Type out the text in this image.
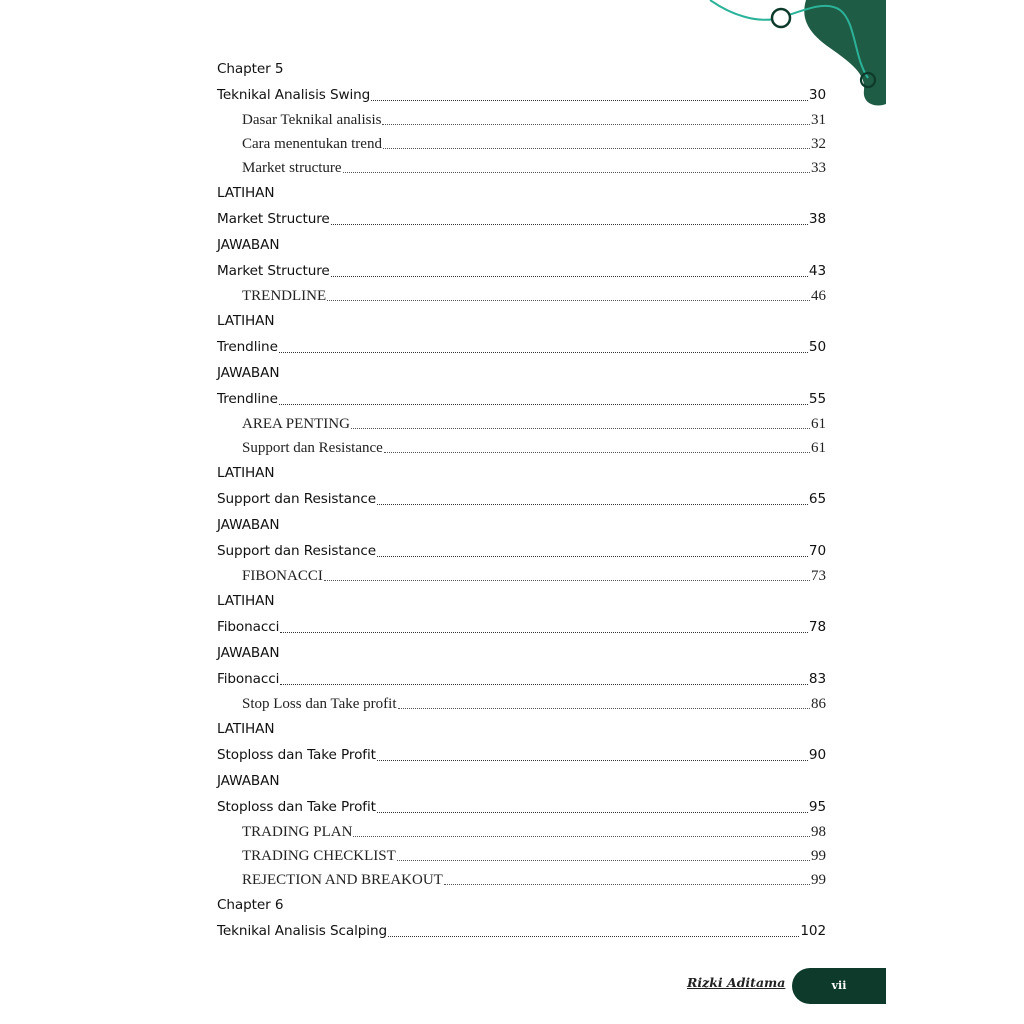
Chapter 5
Teknikal Analisis Swing	30
Dasar Teknikal analisis	31
Cara menentukan trend	32
Market structure	33
LATIHAN
Market Structure	38
JAWABAN
Market Structure	43
TRENDLINE	46
LATIHAN
Trendline	50
JAWABAN
Trendline	55
AREA PENTING	61
Support dan Resistance	61
LATIHAN
Support dan Resistance	65
JAWABAN
Support dan Resistance	70
FIBONACCI	73
LATIHAN
Fibonacci	78
JAWABAN
Fibonacci	83
Stop Loss dan Take profit	86
LATIHAN
Stoploss dan Take Profit	90
JAWABAN
Stoploss dan Take Profit	95
TRADING PLAN	98
TRADING CHECKLIST	99
REJECTION AND BREAKOUT	99
Chapter 6
Teknikal Analisis Scalping	102
Rizki Aditama	vii
